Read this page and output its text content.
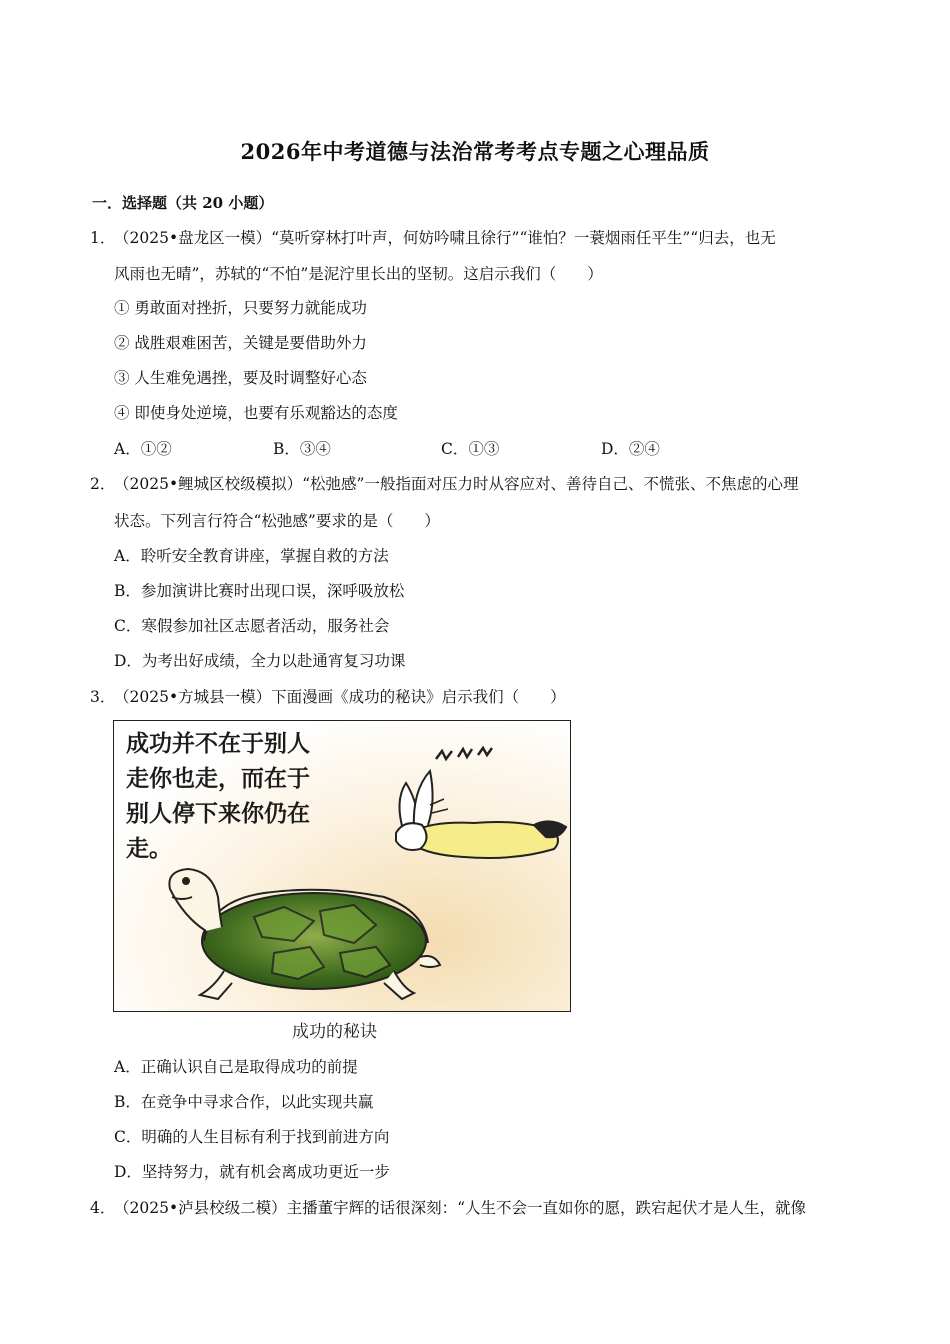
2026年中考道德与法治常考考点专题之心理品质
一．选择题（共 20 小题）
1．
（2025•盘龙区一模）“莫听穿林打叶声，何妨吟啸且徐行”“谁怕？一蓑烟雨任平生”“归去，也无
风雨也无晴”，苏轼的“不怕”是泥泞里长出的坚韧。这启示我们（　　）
① 勇敢面对挫折，只要努力就能成功
② 战胜艰难困苦，关键是要借助外力
③ 人生难免遇挫，要及时调整好心态
④ 即使身处逆境，也要有乐观豁达的态度
A．①②	B．③④	C．①③	D．②④
2．
（2025•鲤城区校级模拟）“松弛感”一般指面对压力时从容应对、善待自己、不慌张、不焦虑的心理
状态。下列言行符合“松弛感”要求的是（　　）
A．聆听安全教育讲座，掌握自救的方法
B．参加演讲比赛时出现口误，深呼吸放松
C．寒假参加社区志愿者活动，服务社会
D．为考出好成绩，全力以赴通宵复习功课
3．
（2025•方城县一模）下面漫画《成功的秘诀》启示我们（　　）
成功并不在于别人
走你也走，而在于
别人停下来你仍在
走。
成功的秘诀
A．正确认识自己是取得成功的前提
B．在竞争中寻求合作，以此实现共赢
C．明确的人生目标有利于找到前进方向
D．坚持努力，就有机会离成功更近一步
4．
（2025•泸县校级二模）主播董宇辉的话很深刻：“人生不会一直如你的愿，跌宕起伏才是人生，就像
